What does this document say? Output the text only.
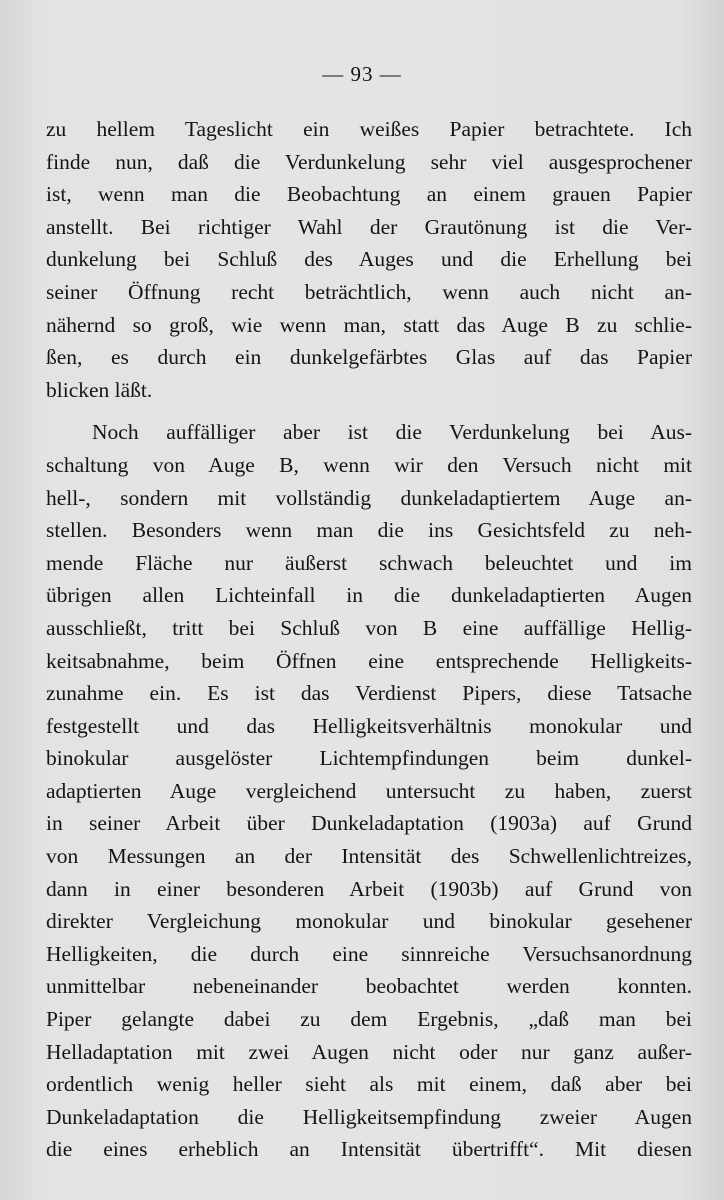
— 93 —
zu hellem Tageslicht ein weißes Papier betrachtete. Ich
finde nun, daß die Verdunkelung sehr viel ausgesprochener
ist, wenn man die Beobachtung an einem grauen Papier
anstellt. Bei richtiger Wahl der Grautönung ist die Ver-
dunkelung bei Schluß des Auges und die Erhellung bei
seiner Öffnung recht beträchtlich, wenn auch nicht an-
nähernd so groß, wie wenn man, statt das Auge B zu schlie-
ßen, es durch ein dunkelgefärbtes Glas auf das Papier
blicken läßt.
Noch auffälliger aber ist die Verdunkelung bei Aus-
schaltung von Auge B, wenn wir den Versuch nicht mit
hell-, sondern mit vollständig dunkeladaptiertem Auge an-
stellen. Besonders wenn man die ins Gesichtsfeld zu neh-
mende Fläche nur äußerst schwach beleuchtet und im
übrigen allen Lichteinfall in die dunkeladaptierten Augen
ausschließt, tritt bei Schluß von B eine auffällige Hellig-
keitsabnahme, beim Öffnen eine entsprechende Helligkeits-
zunahme ein. Es ist das Verdienst Pipers, diese Tatsache
festgestellt und das Helligkeitsverhältnis monokular und
binokular ausgelöster Lichtempfindungen beim dunkel-
adaptierten Auge vergleichend untersucht zu haben, zuerst
in seiner Arbeit über Dunkeladaptation (1903a) auf Grund
von Messungen an der Intensität des Schwellenlichtreizes,
dann in einer besonderen Arbeit (1903b) auf Grund von
direkter Vergleichung monokular und binokular gesehener
Helligkeiten, die durch eine sinnreiche Versuchsanordnung
unmittelbar nebeneinander beobachtet werden konnten.
Piper gelangte dabei zu dem Ergebnis, „daß man bei
Helladaptation mit zwei Augen nicht oder nur ganz außer-
ordentlich wenig heller sieht als mit einem, daß aber bei
Dunkeladaptation die Helligkeitsempfindung zweier Augen
die eines erheblich an Intensität übertrifft“. Mit diesen
